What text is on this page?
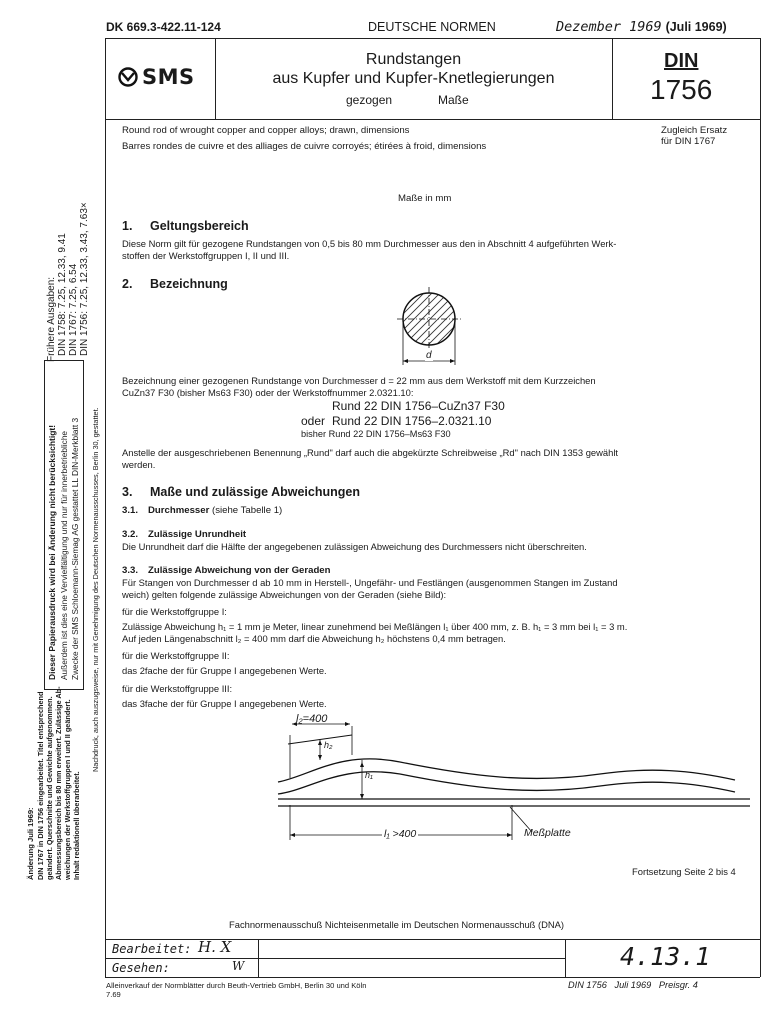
DK 669.3-422.11-124	DEUTSCHE NORMEN	Dezember 1969 (Juli 1969)
SMS
Rundstangen
aus Kupfer und Kupfer-Knetlegierungen
gezogen	Maße
DIN
1756
Round rod of wrought copper and copper alloys; drawn, dimensions
Barres rondes de cuivre et des alliages de cuivre corroyés; étirées à froid, dimensions
Zugleich Ersatz
für DIN 1767
Maße in mm
1. Geltungsbereich
Diese Norm gilt für gezogene Rundstangen von 0,5 bis 80 mm Durchmesser aus den in Abschnitt 4 aufgeführten Werk-
stoffen der Werkstoffgruppen I, II und III.
2. Bezeichnung
d
Bezeichnung einer gezogenen Rundstange von Durchmesser d = 22 mm aus dem Werkstoff mit dem Kurzzeichen
CuZn37 F30 (bisher Ms63 F30) oder der Werkstoffnummer 2.0321.10:
Rund 22 DIN 1756–CuZn37 F30
oder Rund 22 DIN 1756–2.0321.10
bisher Rund 22 DIN 1756–Ms63 F30
Anstelle der ausgeschriebenen Benennung „Rund" darf auch die abgekürzte Schreibweise „Rd" nach DIN 1353 gewählt
werden.
3. Maße und zulässige Abweichungen
3.1. Durchmesser (siehe Tabelle 1)
3.2. Zulässige Unrundheit
Die Unrundheit darf die Hälfte der angegebenen zulässigen Abweichung des Durchmessers nicht überschreiten.
3.3. Zulässige Abweichung von der Geraden
Für Stangen von Durchmesser d ab 10 mm in Herstell-, Ungefähr- und Festlängen (ausgenommen Stangen im Zustand
weich) gelten folgende zulässige Abweichungen von der Geraden (siehe Bild):
für die Werkstoffgruppe I:
Zulässige Abweichung h₁ = 1 mm je Meter, linear zunehmend bei Meßlängen l₁ über 400 mm, z. B. h₁ = 3 mm bei l₁ = 3 m.
Auf jeden Längenabschnitt l₂ = 400 mm darf die Abweichung h₂ höchstens 0,4 mm betragen.
für die Werkstoffgruppe II:
das 2fache der für Gruppe I angegebenen Werte.
für die Werkstoffgruppe III:
das 3fache der für Gruppe I angegebenen Werte.
l₂=400
h₂
h₁
l₁ >400	Meßplatte
Fortsetzung Seite 2 bis 4
Fachnormenausschuß Nichteisenmetalle im Deutschen Normenausschuß (DNA)
Bearbeitet: H. X
Gesehen:	W	4.13.1
Alleinverkauf der Normblätter durch Beuth-Vertrieb GmbH, Berlin 30 und Köln
7.69
DIN 1756   Juli 1969   Preisgr. 4
Frühere Ausgaben: DIN 1758: 7.25, 12.33, 9.41 DIN 1767: 7.25, 6.54 DIN 1756: 7.25, 12.33, 3.43, 7.63×
Dieser Papierausdruck wird bei Änderung nicht berücksichtigt! Außerdem ist dies eine Vervielfältigung und nur für innerbetriebliche Zwecke der SMS Schloemann-Siemag AG gestattet LL DIN-Merkblatt 3 Nachdruck, auch auszugsweise, nur mit Genehmigung des Deutschen Normenausschusses, Berlin 30, gestattet.
Änderung Juli 1969: DIN 1767 in DIN 1756 eingearbeitet. Titel entsprechend geändert. Querschnitte und Gewichte aufgenommen. Abmessungsbereich bis 80 mm erweitert. Zulässige Ab- weichungen der Werkstoffgruppen I und II geändert. Inhalt redaktionell überarbeitet.
